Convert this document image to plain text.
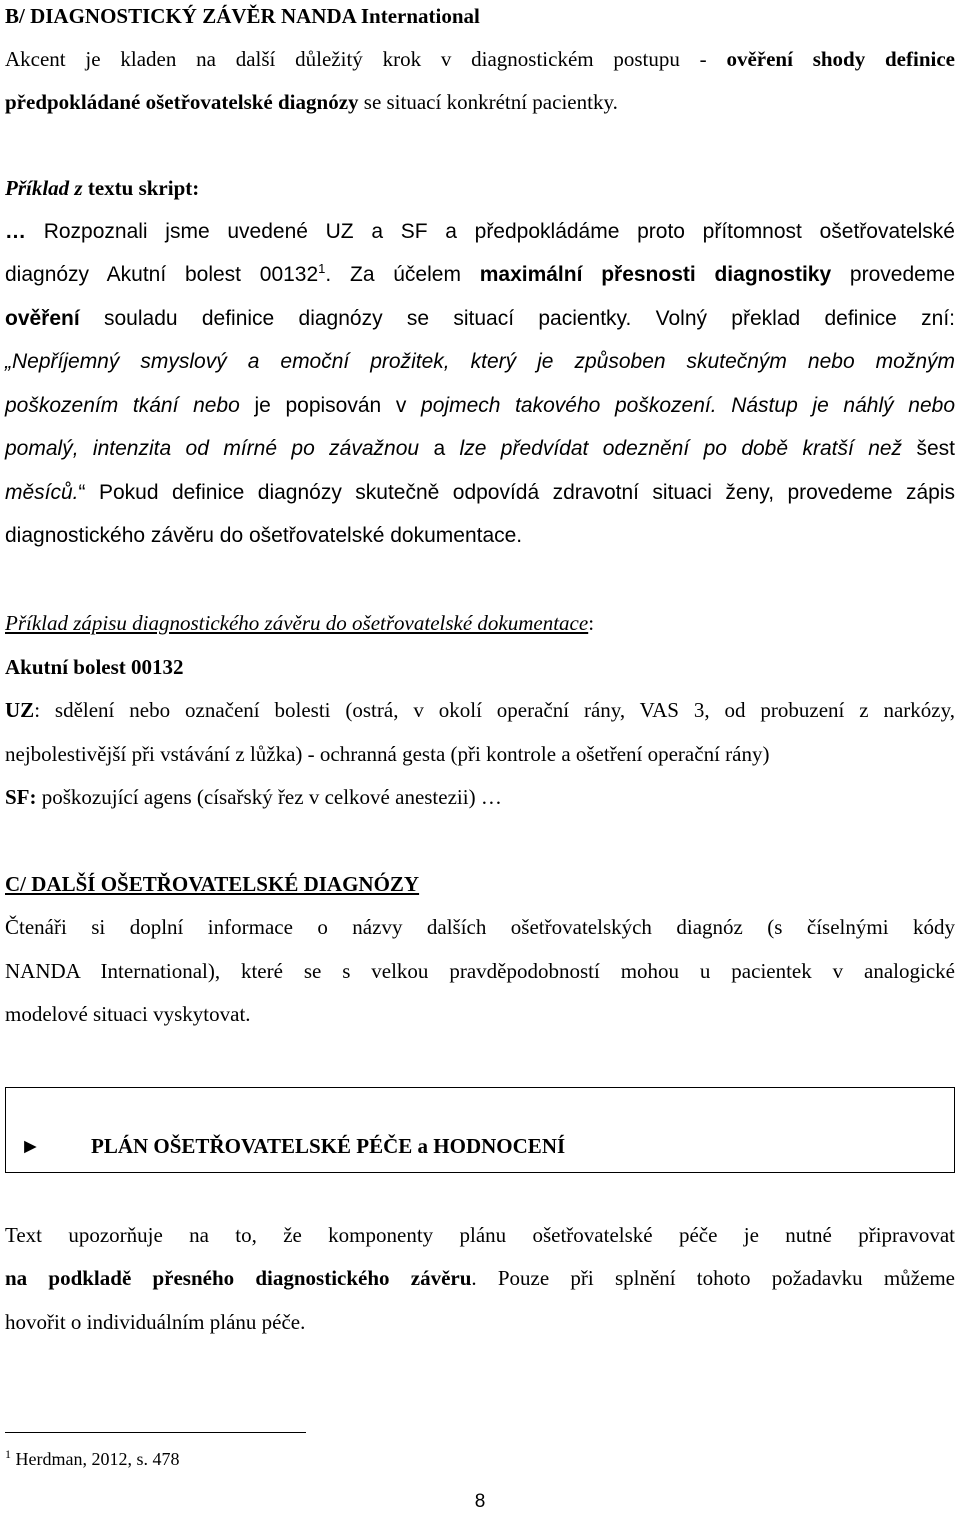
B/ DIAGNOSTICKÝ ZÁVĚR NANDA International
Akcent je kladen na další důležitý krok v diagnostickém postupu - ověření shody definice
předpokládané ošetřovatelské diagnózy se situací konkrétní pacientky.
Příklad z textu skript:
… Rozpoznali jsme uvedené UZ a SF a předpokládáme proto přítomnost ošetřovatelské
diagnózy Akutní bolest 00132$^1$. Za účelem maximální přesnosti diagnostiky provedeme
ověření souladu definice diagnózy se situací pacientky. Volný překlad definice zní:
„Nepříjemný smyslový a emoční prožitek, který je způsoben skutečným nebo možným
poškozením tkání nebo je popisován v pojmech takového poškození. Nástup je náhlý nebo
pomalý, intenzita od mírné po závažnou a lze předvídat odeznění po době kratší než šest
měsíců.“ Pokud definice diagnózy skutečně odpovídá zdravotní situaci ženy, provedeme zápis
diagnostického závěru do ošetřovatelské dokumentace.
Příklad zápisu diagnostického závěru do ošetřovatelské dokumentace:
Akutní bolest 00132
UZ: sdělení nebo označení bolesti (ostrá, v okolí operační rány, VAS 3, od probuzení z narkózy,
nejbolestivější při vstávání z lůžka) - ochranná gesta (při kontrole a ošetření operační rány)
SF: poškozující agens (císařský řez v celkové anestezii) …
C/ DALŠÍ OŠETŘOVATELSKÉ DIAGNÓZY
Čtenáři si doplní informace o názvy dalších ošetřovatelských diagnóz (s číselnými kódy
NANDA International), které se s velkou pravděpodobností mohou u pacientek v analogické
modelové situaci vyskytovat.
► PLÁN OŠETŘOVATELSKÉ PÉČE a HODNOCENÍ
Text upozorňuje na to, že komponenty plánu ošetřovatelské péče je nutné připravovat
na podkladě přesného diagnostického závěru. Pouze při splnění tohoto požadavku můžeme
hovořit o individuálním plánu péče.
$^1$ Herdman, 2012, s. 478
8
